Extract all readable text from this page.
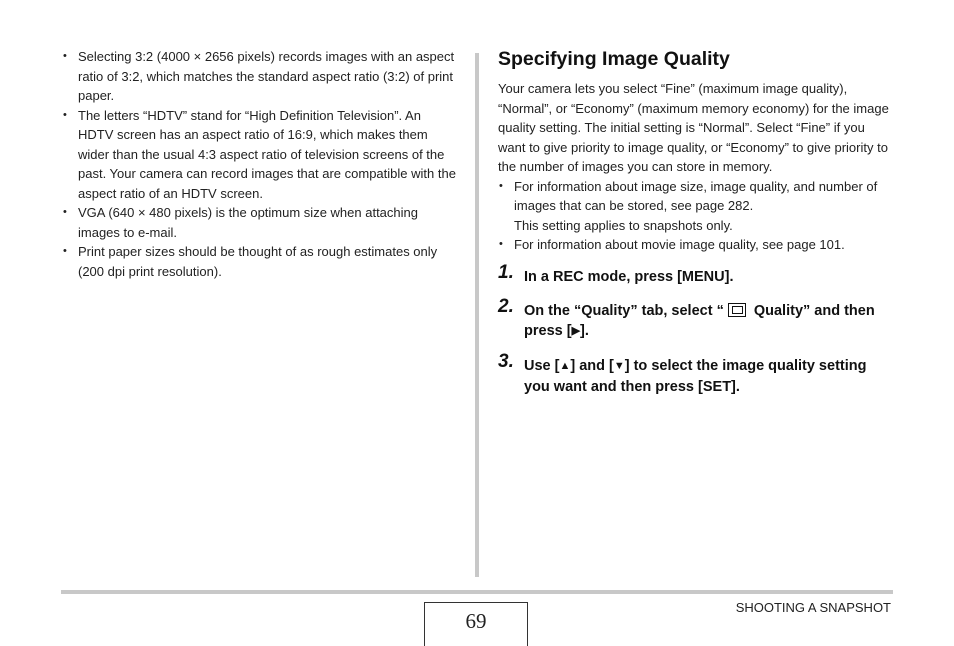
• Selecting 3:2 (4000 × 2656 pixels) records images with an aspect ratio of 3:2, which matches the standard aspect ratio (3:2) of print paper.
• The letters “HDTV” stand for “High Definition Television”. An HDTV screen has an aspect ratio of 16:9, which makes them wider than the usual 4:3 aspect ratio of television screens of the past. Your camera can record images that are compatible with the aspect ratio of an HDTV screen.
• VGA (640 × 480 pixels) is the optimum size when attaching images to e-mail.
• Print paper sizes should be thought of as rough estimates only (200 dpi print resolution).
Specifying Image Quality

Your camera lets you select “Fine” (maximum image quality), “Normal”, or “Economy” (maximum memory economy) for the image quality setting. The initial setting is “Normal”. Select “Fine” if you want to give priority to image quality, or “Economy” to give priority to the number of images you can store in memory.

• For information about image size, image quality, and number of images that can be stored, see page 282.
This setting applies to snapshots only.
• For information about movie image quality, see page 101.
1. In a REC mode, press [MENU].
2. On the “Quality” tab, select “ Quality” and then press [▶].
3. Use [▲] and [▼] to select the image quality setting you want and then press [SET].
69
SHOOTING A SNAPSHOT
